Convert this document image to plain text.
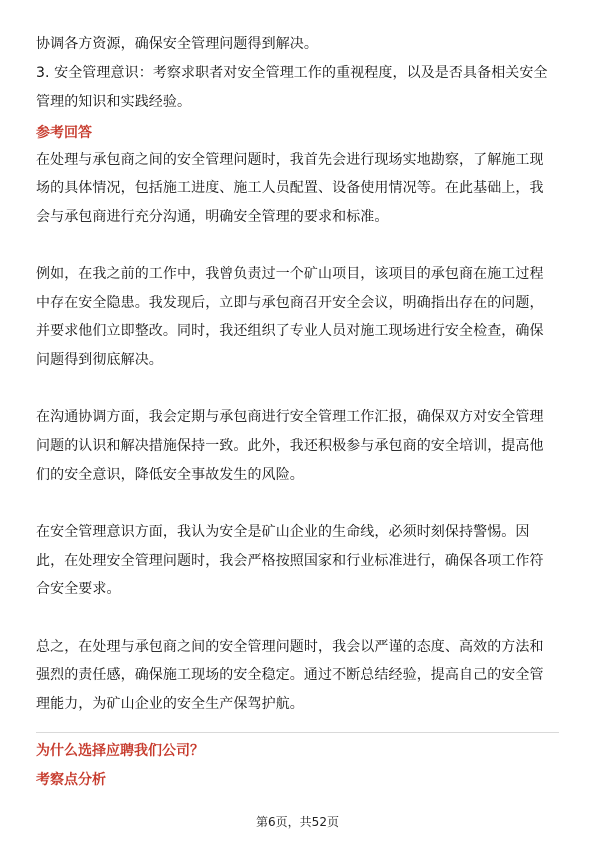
协调各方资源，确保安全管理问题得到解决。
3. 安全管理意识：考察求职者对安全管理工作的重视程度，以及是否具备相关安全
管理的知识和实践经验。
参考回答
在处理与承包商之间的安全管理问题时，我首先会进行现场实地勘察，了解施工现
场的具体情况，包括施工进度、施工人员配置、设备使用情况等。在此基础上，我
会与承包商进行充分沟通，明确安全管理的要求和标准。
例如，在我之前的工作中，我曾负责过一个矿山项目，该项目的承包商在施工过程
中存在安全隐患。我发现后，立即与承包商召开安全会议，明确指出存在的问题，
并要求他们立即整改。同时，我还组织了专业人员对施工现场进行安全检查，确保
问题得到彻底解决。
在沟通协调方面，我会定期与承包商进行安全管理工作汇报，确保双方对安全管理
问题的认识和解决措施保持一致。此外，我还积极参与承包商的安全培训，提高他
们的安全意识，降低安全事故发生的风险。
在安全管理意识方面，我认为安全是矿山企业的生命线，必须时刻保持警惕。因
此，在处理安全管理问题时，我会严格按照国家和行业标准进行，确保各项工作符
合安全要求。
总之，在处理与承包商之间的安全管理问题时，我会以严谨的态度、高效的方法和
强烈的责任感，确保施工现场的安全稳定。通过不断总结经验，提高自己的安全管
理能力，为矿山企业的安全生产保驾护航。
为什么选择应聘我们公司？
考察点分析
第6页，共52页
